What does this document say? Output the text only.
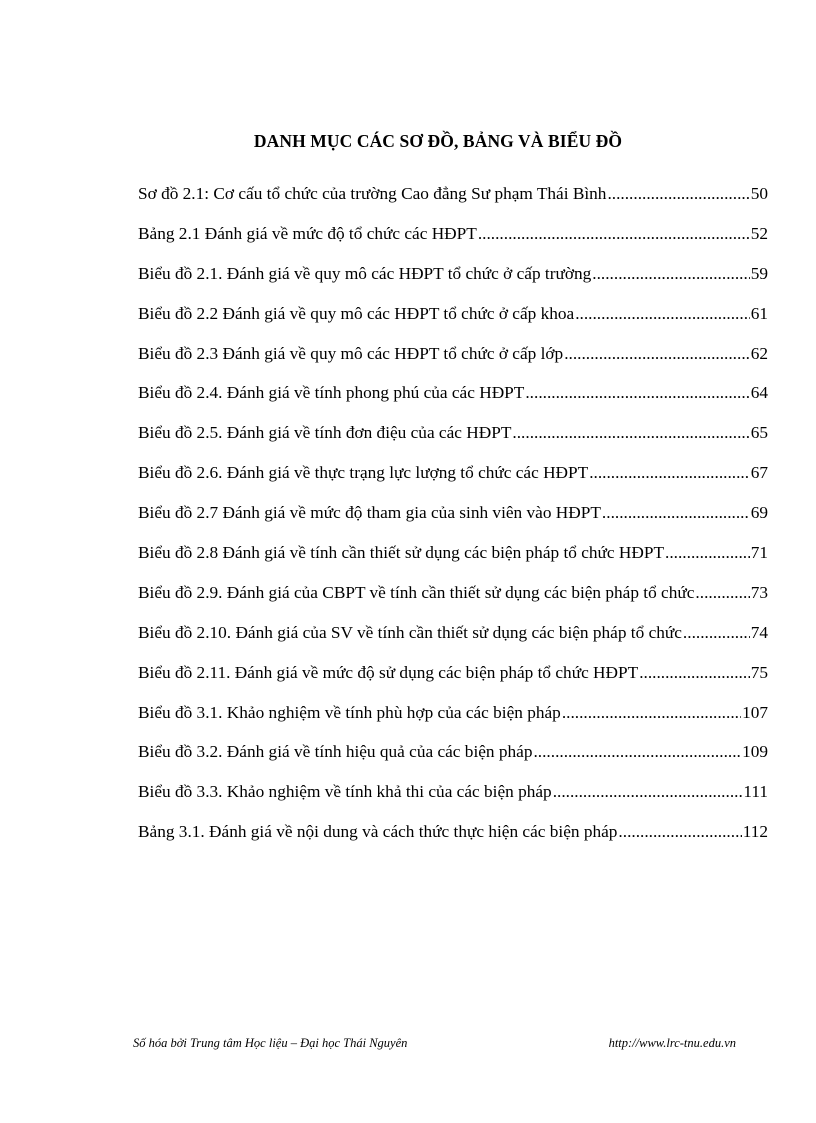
DANH MỤC CÁC SƠ ĐỒ, BẢNG VÀ BIỂU ĐỒ
Sơ đồ 2.1: Cơ cấu tổ chức của trường Cao đẳng Sư phạm Thái Bình .....	50
Bảng 2.1 Đánh giá về mức độ tổ chức các HĐPT .....	52
Biểu đồ 2.1. Đánh giá về quy mô các HĐPT tổ chức ở cấp trường .....	59
Biểu đồ 2.2 Đánh giá về quy mô các HĐPT tổ chức ở cấp khoa .....	61
Biểu đồ 2.3 Đánh giá về quy mô các HĐPT tổ chức ở cấp lớp .....	62
Biểu đồ 2.4. Đánh giá về tính phong phú của các HĐPT .....	64
Biểu đồ 2.5. Đánh giá về tính đơn điệu của các HĐPT .....	65
Biểu đồ 2.6. Đánh giá về thực trạng lực lượng tổ chức các HĐPT .....	67
Biểu đồ 2.7 Đánh giá về mức độ tham gia của sinh viên vào HĐPT .....	69
Biểu đồ 2.8 Đánh giá về tính cần thiết sử dụng các biện pháp tổ chức HĐPT .....	71
Biểu đồ 2.9. Đánh giá của CBPT về tính cần thiết sử dụng các biện pháp tổ chức .....	73
Biểu đồ 2.10. Đánh giá của SV về tính cần thiết sử dụng các biện pháp tổ chức .....	74
Biểu đồ 2.11. Đánh giá về mức độ sử dụng các biện pháp tổ chức HĐPT .....	75
Biểu đồ 3.1. Khảo nghiệm về tính phù hợp của các biện pháp .....	107
Biểu đồ 3.2. Đánh giá về tính hiệu quả của các biện pháp .....	109
Biểu đồ 3.3. Khảo nghiệm về tính khả thi của các biện pháp .....	111
Bảng 3.1. Đánh giá về nội dung và cách thức thực hiện các biện pháp .....	112
Số hóa bởi Trung tâm Học liệu – Đại học Thái Nguyên	http://www.lrc-tnu.edu.vn
